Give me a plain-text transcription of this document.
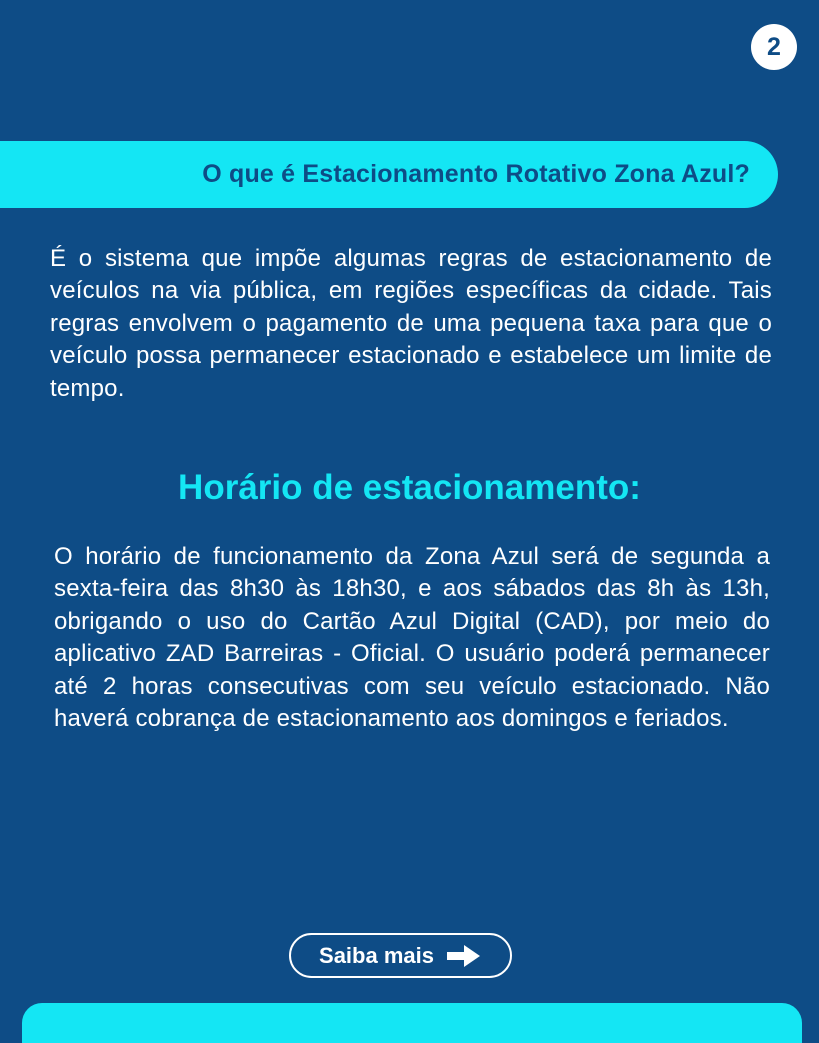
2
O que é Estacionamento Rotativo Zona Azul?

É o sistema que impõe algumas regras de estacionamento de veículos na via pública, em regiões específicas da cidade. Tais regras envolvem o pagamento de uma pequena taxa para que o veículo possa permanecer estacionado e estabelece um limite de tempo.

Horário de estacionamento:

O horário de funcionamento da Zona Azul será de segunda a sexta-feira das 8h30 às 18h30, e aos sábados das 8h às 13h, obrigando o uso do Cartão Azul Digital (CAD), por meio do aplicativo ZAD Barreiras - Oficial. O usuário poderá permanecer até 2 horas consecutivas com seu veículo estacionado. Não haverá cobrança de estacionamento aos domingos e feriados.

Saiba mais
